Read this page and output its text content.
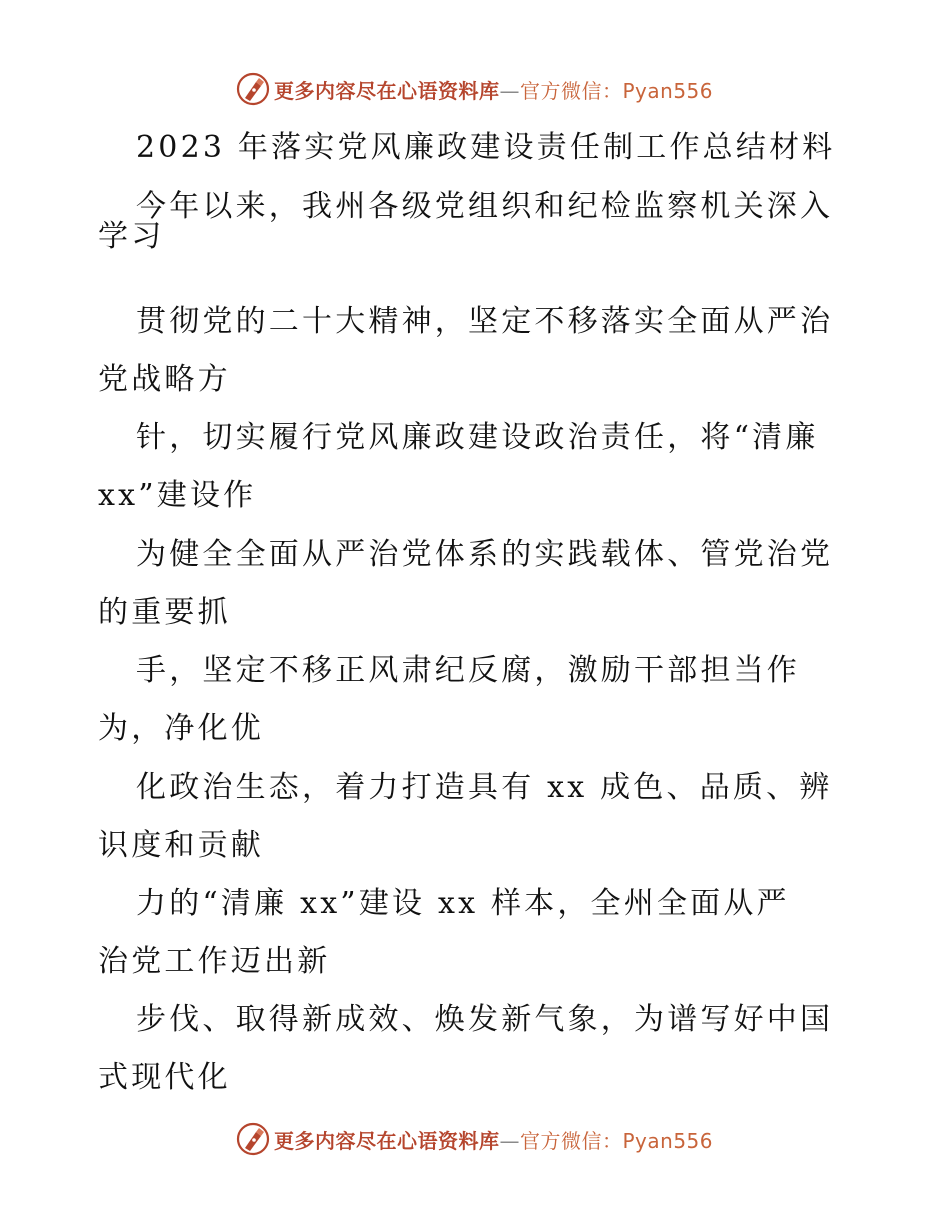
更多内容尽在心语资料库—官方微信：Pyan556
2023 年落实党风廉政建设责任制工作总结材料
今年以来，我州各级党组织和纪检监察机关深入
学习
贯彻党的二十大精神，坚定不移落实全面从严治
党战略方
针，切实履行党风廉政建设政治责任，将“清廉
xx”建设作
为健全全面从严治党体系的实践载体、管党治党
的重要抓
手，坚定不移正风肃纪反腐，激励干部担当作
为，净化优
化政治生态，着力打造具有 xx 成色、品质、辨
识度和贡献
力的“清廉 xx”建设 xx 样本，全州全面从严
治党工作迈出新
步伐、取得新成效、焕发新气象，为谱写好中国
式现代化
更多内容尽在心语资料库—官方微信：Pyan556
